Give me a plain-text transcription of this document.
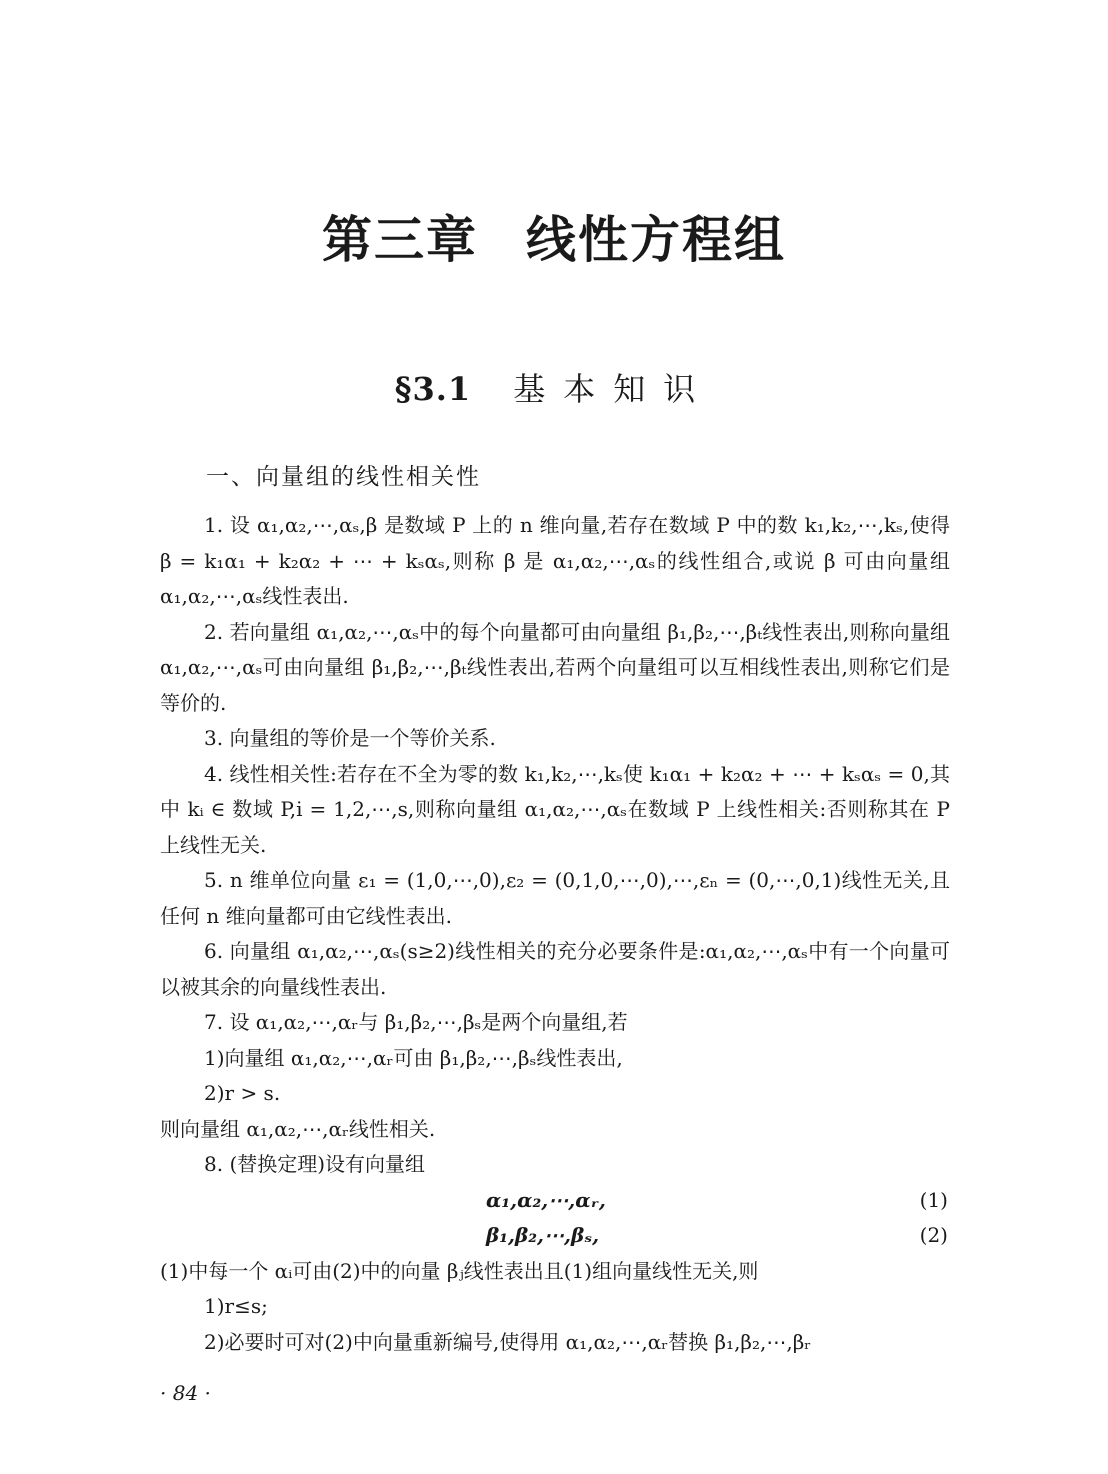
第三章 线性方程组
§3.1 基本知识
一、向量组的线性相关性

1. 设 α₁,α₂,⋯,αₛ,β 是数域 P 上的 n 维向量,若存在数域 P 中的数 k₁,k₂,⋯,kₛ,使得 β = k₁α₁ + k₂α₂ + ⋯ + kₛαₛ,则称 β 是 α₁,α₂,⋯,αₛ的线性组合,或说 β 可由向量组 α₁,α₂,⋯,αₛ线性表出.

2. 若向量组 α₁,α₂,⋯,αₛ中的每个向量都可由向量组 β₁,β₂,⋯,βₜ线性表出,则称向量组 α₁,α₂,⋯,αₛ可由向量组 β₁,β₂,⋯,βₜ线性表出,若两个向量组可以互相线性表出,则称它们是等价的.

3. 向量组的等价是一个等价关系.

4. 线性相关性:若存在不全为零的数 k₁,k₂,⋯,kₛ使 k₁α₁ + k₂α₂ + ⋯ + kₛαₛ = 0,其中 kᵢ ∈ 数域 P,i = 1,2,⋯,s,则称向量组 α₁,α₂,⋯,αₛ在数域 P 上线性相关:否则称其在 P 上线性无关.

5. n 维单位向量 ε₁ = (1,0,⋯,0),ε₂ = (0,1,0,⋯,0),⋯,εₙ = (0,⋯,0,1)线性无关,且任何 n 维向量都可由它线性表出.

6. 向量组 α₁,α₂,⋯,αₛ(s≥2)线性相关的充分必要条件是:α₁,α₂,⋯,αₛ中有一个向量可以被其余的向量线性表出.

7. 设 α₁,α₂,⋯,αᵣ与 β₁,β₂,⋯,βₛ是两个向量组,若

1)向量组 α₁,α₂,⋯,αᵣ可由 β₁,β₂,⋯,βₛ线性表出,

2)r > s.

则向量组 α₁,α₂,⋯,αᵣ线性相关.

8. (替换定理)设有向量组

α₁,α₂,⋯,αᵣ,	(1)
β₁,β₂,⋯,βₛ,	(2)

(1)中每一个 αᵢ可由(2)中的向量 βⱼ线性表出且(1)组向量线性无关,则

1)r≤s;

2)必要时可对(2)中向量重新编号,使得用 α₁,α₂,⋯,αᵣ替换 β₁,β₂,⋯,βᵣ

· 84 ·
